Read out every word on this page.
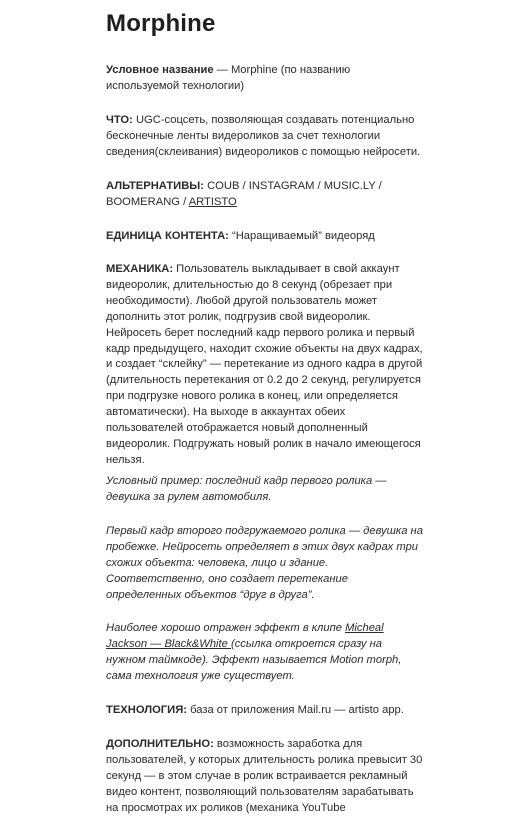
Morphine

Условное название — Morphine (по названию используемой технологии)

ЧТО: UGC-соцсеть, позволяющая создавать потенциально бесконечные ленты видероликов за счет технологии сведения(склеивания) видеороликов с помощью нейросети.

АЛЬТЕРНАТИВЫ: COUB / INSTAGRAM / MUSIC.LY / BOOMERANG / ARTISTO

ЕДИНИЦА КОНТЕНТА: “Наращиваемый” видеоряд

МЕХАНИКА: Пользователь выкладывает в свой аккаунт видеоролик, длительностью до 8 секунд (обрезает при необходимости). Любой другой пользователь может дополнить этот ролик, подгрузив свой видеоролик. Нейросеть берет последний кадр первого ролика и первый кадр предыдущего, находит схожие объекты на двух кадрах, и создает “склейку” — перетекание из одного кадра в другой (длительность перетекания от 0.2 до 2 секунд, регулируется при подгрузке нового ролика в конец, или определяется автоматически). На выходе в аккаунтах обеих пользователей отображается новый дополненный видеоролик. Подгружать новый ролик в начало имеющегося нельзя.

Условный пример: последний кадр первого ролика — девушка за рулем автомобиля.

Первый кадр второго подгружаемого ролика — девушка на пробежке. Нейросеть определяет в этих двух кадрах три схожих объекта: человека, лицо и здание. Соответственно, оно создает перетекание определенных объектов “друг в друга”.

Наиболее хорошо отражен эффект в клипе Micheal Jackson — Black&White (ссылка откроется сразу на нужном таймкоде). Эффект называется Motion morph, сама технология уже существует.

ТЕХНОЛОГИЯ: база от приложения Mail.ru — artisto app.

ДОПОЛНИТЕЛЬНО: возможность заработка для пользователей, у которых длительность ролика превысит 30 секунд — в этом случае в ролик встраивается рекламный видео контент, позволяющий пользователям зарабатывать на просмотрах их роликов (механика YouTube
